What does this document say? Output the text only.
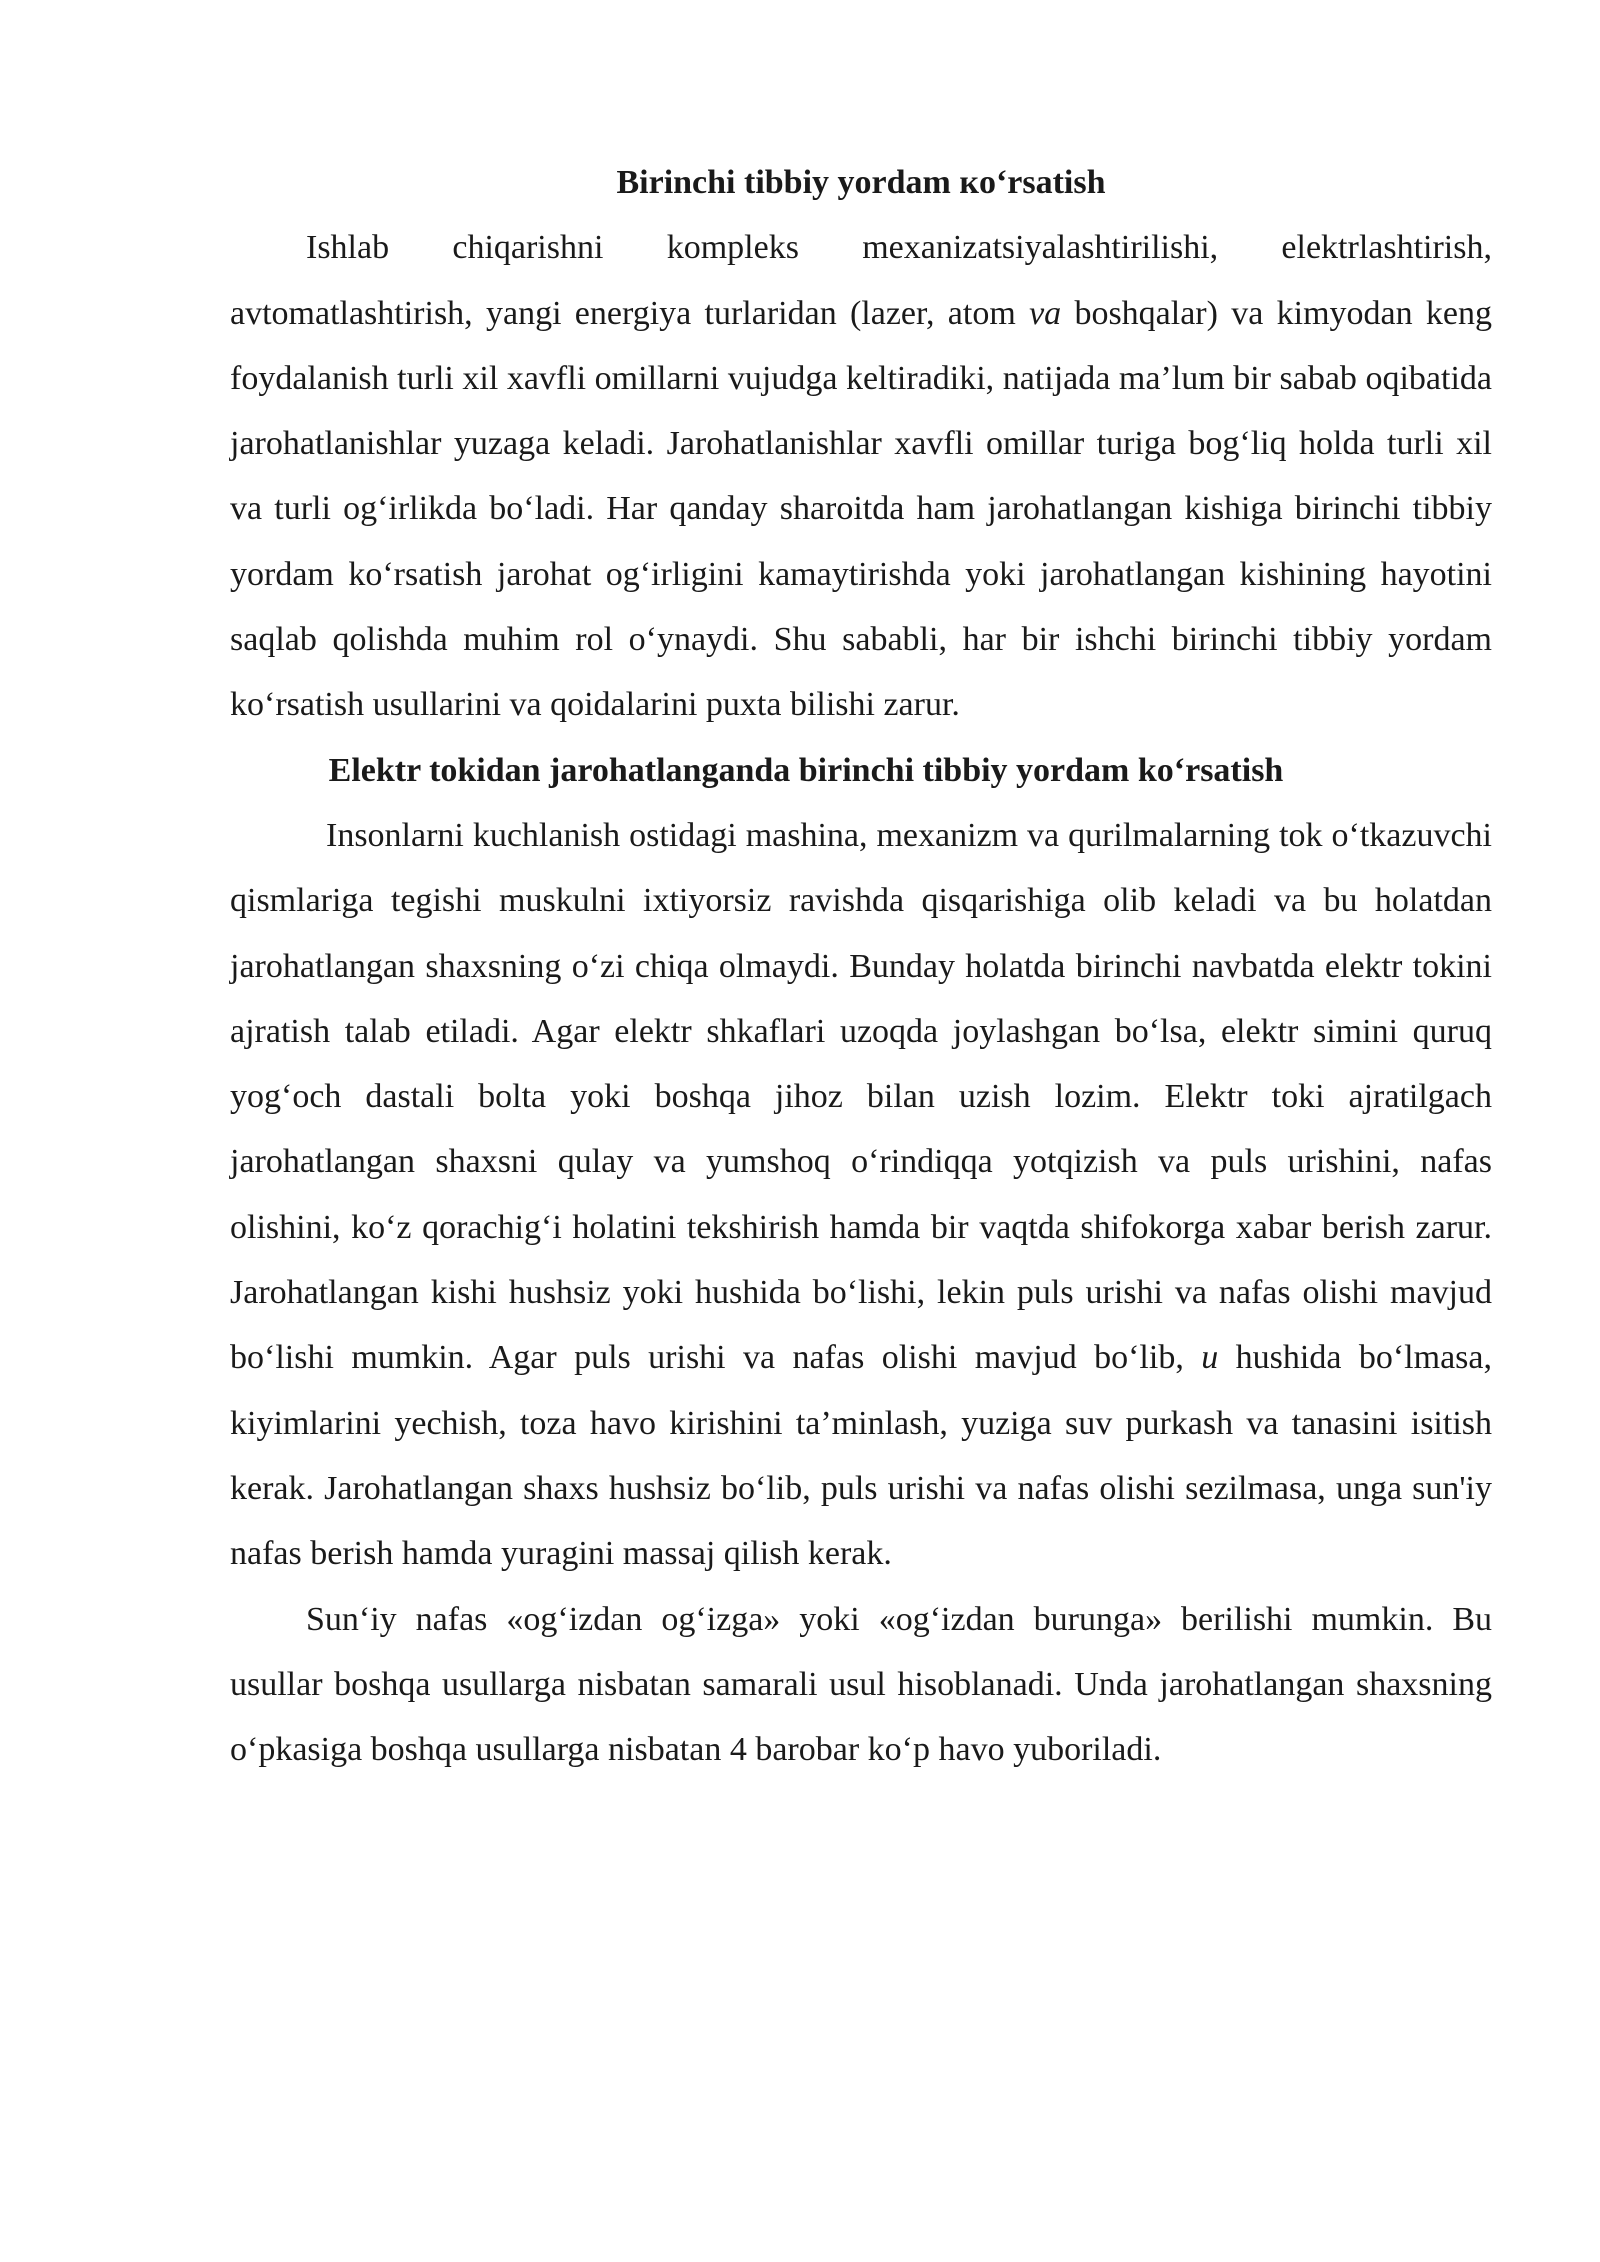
Birinchi tibbiy yordam кo‘rsatish

Ishlab chiqarishni kompleks mexanizatsiyalashtirilishi, elektrlashtirish, avtomatlashtirish, yangi energiya turlaridan (lazer, atom va boshqalar) va kimyodan keng foydalanish turli xil xavfli omillarni vujudga keltiradiki, natijada ma’lum bir sabab oqibatida jarohatlanishlar yuzaga keladi. Jarohatlanishlar xavfli omillar turiga bog‘liq holda turli xil va turli og‘irlikda bo‘ladi. Har qanday sharoitda ham jarohatlangan kishiga birinchi tibbiy yordam ko‘rsatish jarohat og‘irligini kamaytirishda yoki jarohatlangan kishining hayotini saqlab qolishda muhim rol o‘ynaydi. Shu sababli, har bir ishchi birinchi tibbiy yordam ko‘rsatish usullarini va qoidalarini puxta bilishi zarur.

Elektr tokidan jarohatlanganda birinchi tibbiy yordam ko‘rsatish

Insonlarni kuchlanish ostidagi mashina, mexanizm va qurilmalarning tok o‘tkazuvchi qismlariga tegishi muskulni ixtiyorsiz ravishda qisqarishiga olib keladi va bu holatdan jarohatlangan shaxsning o‘zi chiqa olmaydi. Bunday holatda birinchi navbatda elektr tokini ajratish talab etiladi. Agar elektr shkaflari uzoqda joylashgan bo‘lsa, elektr simini quruq yog‘och dastali bolta yoki boshqa jihoz bilan uzish lozim. Elektr toki ajratilgach jarohatlangan shaxsni qulay va yumshoq o‘rindiqqa yotqizish va puls urishini, nafas olishini, ko‘z qorachig‘i holatini tekshirish hamda bir vaqtda shifokorga xabar berish zarur. Jarohatlangan kishi hushsiz yoki hushida bo‘lishi, lekin puls urishi va nafas olishi mavjud bo‘lishi mumkin. Agar puls urishi va nafas olishi mavjud bo‘lib, u hushida bo‘lmasa, kiyimlarini yechish, toza havo kirishini ta’minlash, yuziga suv purkash va tanasini isitish kerak. Jarohatlangan shaxs hushsiz bo‘lib, puls urishi va nafas olishi sezilmasa, unga sun'iy nafas berish hamda yuragini massaj qilish kerak.

Sun‘iy nafas «og‘izdan og‘izga» yoki «og‘izdan burunga» berilishi mumkin. Bu usullar boshqa usullarga nisbatan samarali usul hisoblanadi. Unda jarohatlangan shaxsning o‘pkasiga boshqa usullarga nisbatan 4 barobar ko‘p havo yuboriladi.
